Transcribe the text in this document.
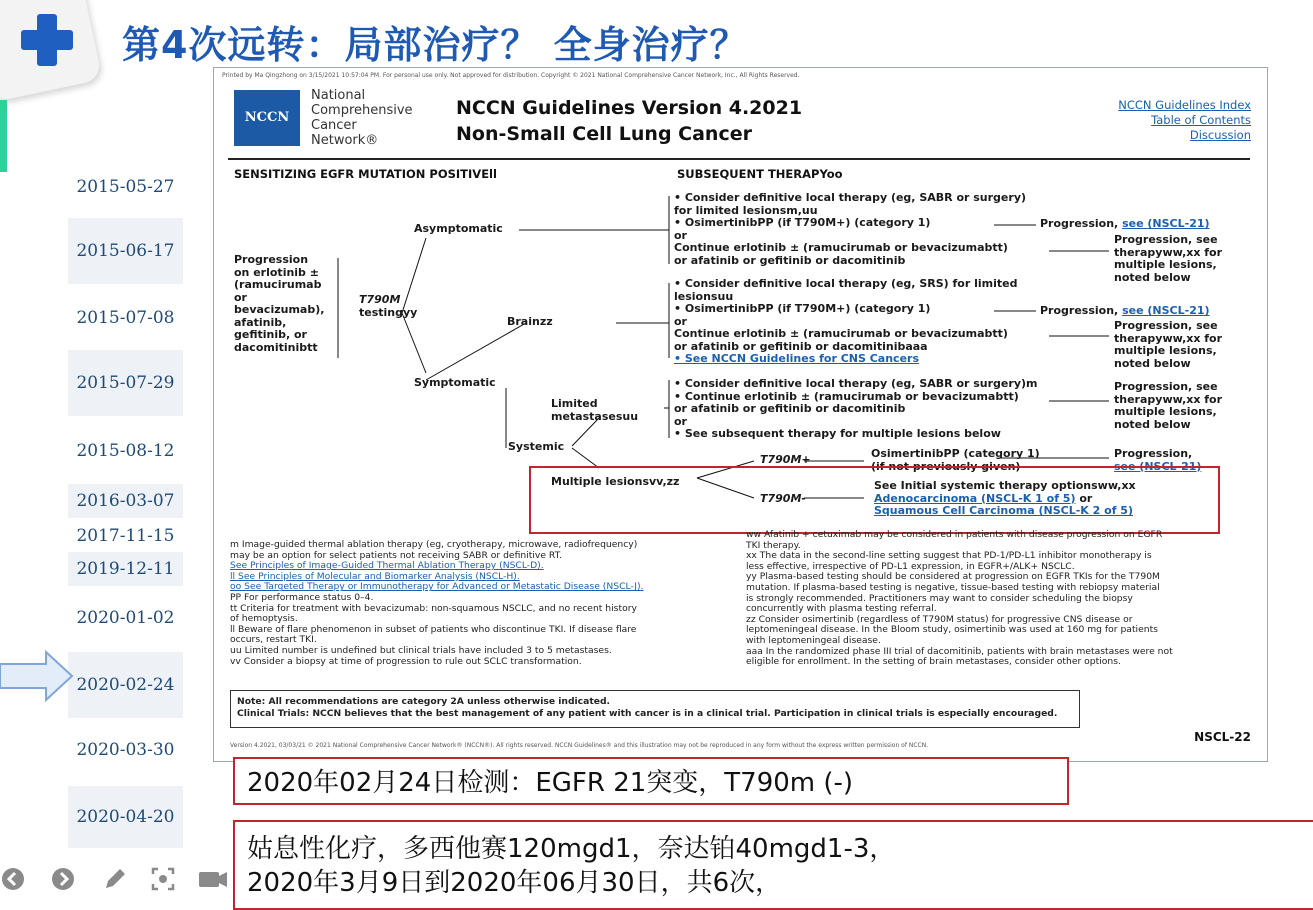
第4次远转：局部治疗？ 全身治疗？
2015-05-27
2015-06-17
2015-07-08
2015-07-29
2015-08-12
2016-03-07
2017-11-15
2019-12-11
2020-01-02
2020-02-24
2020-03-30
2020-04-20
Printed by Ma Qingzhong on 3/15/2021 10:57:04 PM. For personal use only. Not approved for distribution. Copyright © 2021 National Comprehensive Cancer Network, Inc., All Rights Reserved.
NCCN
National
Comprehensive
Cancer
Network®
NCCN Guidelines Version 4.2021
Non-Small Cell Lung Cancer
NCCN Guidelines Index
Table of Contents
Discussion
SENSITIZING EGFR MUTATION POSITIVEll	SUBSEQUENT THERAPYoo
Progression
on erlotinib ±
(ramucirumab
or
bevacizumab),
afatinib,
gefitinib, or
dacomitinibtt
T790M
testingyy
Asymptomatic
Symptomatic
Brainzz
Limited
metastasesuu
Systemic
Multiple lesionsvv,zz
• Consider definitive local therapy (eg, SABR or surgery)
for limited lesionsm,uu
• OsimertinibPP (if T790M+) (category 1)
or
Continue erlotinib ± (ramucirumab or bevacizumabtt)
or afatinib or gefitinib or dacomitinib
• Consider definitive local therapy (eg, SRS) for limited
lesionsuu
• OsimertinibPP (if T790M+) (category 1)
or
Continue erlotinib ± (ramucirumab or bevacizumabtt)
or afatinib or gefitinib or dacomitinibaaa
• See NCCN Guidelines for CNS Cancers
• Consider definitive local therapy (eg, SABR or surgery)m
• Continue erlotinib ± (ramucirumab or bevacizumabtt)
or afatinib or gefitinib or dacomitinib
or
• See subsequent therapy for multiple lesions below
Progression, see (NSCL-21)
Progression, see
therapyww,xx for
multiple lesions,
noted below
Progression, see (NSCL-21)
Progression, see
therapyww,xx for
multiple lesions,
noted below
Progression, see
therapyww,xx for
multiple lesions,
noted below
T790M+
T790M-
OsimertinibPP (category 1)
(if not previously given)
Progression,
see (NSCL-21)
See Initial systemic therapy optionsww,xx
Adenocarcinoma (NSCL-K 1 of 5) or
Squamous Cell Carcinoma (NSCL-K 2 of 5)
m Image-guided thermal ablation therapy (eg, cryotherapy, microwave, radiofrequency)
may be an option for select patients not receiving SABR or definitive RT.
See Principles of Image-Guided Thermal Ablation Therapy (NSCL-D).
ll See Principles of Molecular and Biomarker Analysis (NSCL-H).
oo See Targeted Therapy or Immunotherapy for Advanced or Metastatic Disease (NSCL-J).
PP For performance status 0–4.
tt Criteria for treatment with bevacizumab: non-squamous NSCLC, and no recent history
of hemoptysis.
ll Beware of flare phenomenon in subset of patients who discontinue TKI. If disease flare
occurs, restart TKI.
uu Limited number is undefined but clinical trials have included 3 to 5 metastases.
vv Consider a biopsy at time of progression to rule out SCLC transformation.
ww Afatinib + cetuximab may be considered in patients with disease progression on EGFR
TKI therapy.
xx The data in the second-line setting suggest that PD-1/PD-L1 inhibitor monotherapy is
less effective, irrespective of PD-L1 expression, in EGFR+/ALK+ NSCLC.
yy Plasma-based testing should be considered at progression on EGFR TKIs for the T790M
mutation. If plasma-based testing is negative, tissue-based testing with rebiopsy material
is strongly recommended. Practitioners may want to consider scheduling the biopsy
concurrently with plasma testing referral.
zz Consider osimertinib (regardless of T790M status) for progressive CNS disease or
leptomeningeal disease. In the Bloom study, osimertinib was used at 160 mg for patients
with leptomeningeal disease.
aaa In the randomized phase III trial of dacomitinib, patients with brain metastases were not
eligible for enrollment. In the setting of brain metastases, consider other options.
Note: All recommendations are category 2A unless otherwise indicated.
Clinical Trials: NCCN believes that the best management of any patient with cancer is in a clinical trial. Participation in clinical trials is especially encouraged.
NSCL-22
Version 4.2021, 03/03/21 © 2021 National Comprehensive Cancer Network® (NCCN®). All rights reserved. NCCN Guidelines® and this illustration may not be reproduced in any form without the express written permission of NCCN.
2020年02月24日检测：EGFR 21突变，T790m (-)
姑息性化疗，多西他赛120mgd1，奈达铂40mgd1-3，
2020年3月9日到2020年06月30日，共6次，
